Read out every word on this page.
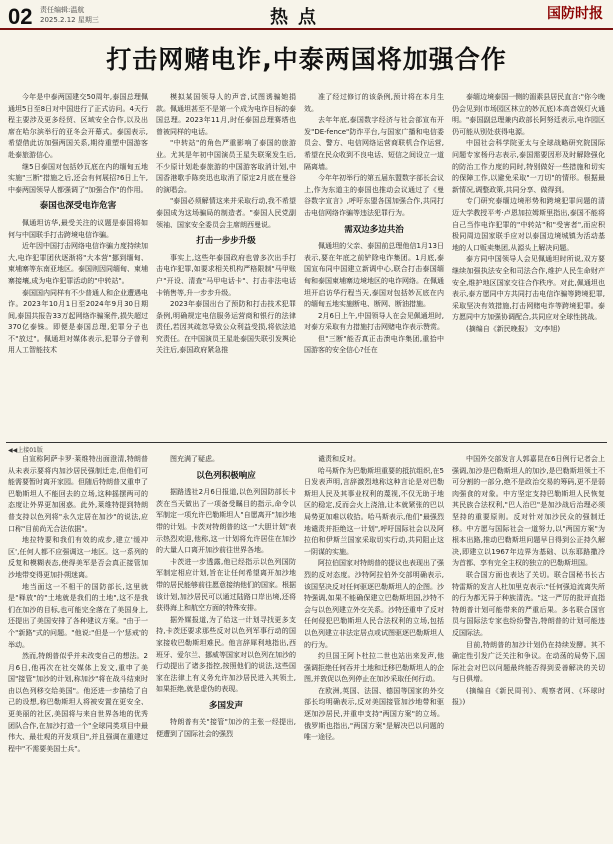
02 责任编辑:温航
2025.2.12 星期三	热点	国防时报
打击网赌电诈,中泰两国将加强合作

今年是中泰两国建交50周年,泰国总理佩通坦5日至8日对中国进行了正式访问。4天行程主要涉及更多经贸、区域安全合作,以及出席在哈尔滨举行的亚冬会开幕式。泰国表示,希望借此访加强两国关系,期待重塑中国游客赴泰旅游信心。

继5日泰国对包括妙瓦底在内的缅甸五地实施"三断"措施之后,还会有何展招?6日上午,中泰两国领导人都强调了"加强合作"的作用。

泰国也深受电诈危害

佩通坦访华,最受关注的议题是泰国将如何与中国联手打击跨境电信诈骗。

近年因中国打击网络电信诈骗力度持续加大,电诈犯罪团伙逐渐将"大本营"挪到缅甸、柬埔寨等东南亚地区。泰国则因同缅甸、柬埔寨接壤,成为电诈犯罪活动的"中转站"。

泰国国内同样有不少普通人和企业遭遇电诈。2023年10月1日至2024年9月30日期间,泰国共报告33万起网络诈骗案件,损失超过370亿泰铢。即便是泰国总理,犯罪分子也不"放过"。佩通坦对媒体表示,犯罪分子曾利用人工智能技术

模拟某国领导人的声音,试图诱骗她捐款。佩通坦甚至不是第一个成为电诈目标的泰国总理。2023年11月,时任泰国总理赛塔也曾被同样的电话。

"中转站"的角色严重影响了泰国的旅游业。尤其是年初中国演员王星失联案发生后,不少原计划赴泰旅游的中国游客取消计划,中国香港歌手陈奕迅也取消了原定2月底在曼谷的演唱会。

"泰国必须解情这来并采取行动,我不希望泰国成为这场骗局的制造者。"泰国人民党副领袖、国家安全委员会主席朗西曼说。

打击一步步升级

事实上,这些年泰国政府也曾多次出手打击电诈犯罪,如要求相关机构严格限制"马甲账户"开设、清查"马甲电话卡"、打击非法电话卡销售等,升一步步升级。

2023年泰国出台了预防和打击技术犯罪条例,明确规定电信服务运营商和银行的法律责任,若因其疏忽导致公众利益受损,将依法追究责任。在中国演员王星赴泰国失联引发舆论关注后,泰国政府紧急推

准了经过修订的该条例,预计将在本月生效。

去年年底,泰国数字经济与社会部宣布开发"DE-fence"防诈平台,与国家广播和电信委员会、警方、电信网络运营商联机合作运营,希望在民众收到不良电话、短信之间设立一道隔离墙。

今年年初举行的第五届东盟数字部长会议上,作为东道主的泰国也推动会议通过了《曼谷数字宣言》,呼吁东盟各国加强合作,共同打击电信网络诈骗等违法犯罪行为。

需双边多边共治

佩通坦的父亲、泰国前总理他信1月13日表示,要在年底之前铲除电诈集团。1月底,泰国宣布同中国建立新调中心,联合打击泰国缅甸和泰国柬埔寨边境地区的电诈网络。在佩通坦开启访华行程当天,泰国对包括妙瓦底在内的缅甸五地实施断电、断网、断油措施。

2月6日上午,中国领导人在会见佩通坦时,对泰方采取有力措施打击网赌电诈表示赞赏。

但"三断"能否真正击溃电诈集团,重拾中国游客的安全信心?任在

泰缅边境泰国一侧的湄素县居民直言:"你今晚仍会见到(市场园区林立的妙瓦底)本高音娱灯火通明。"泰国副总理兼内政部长阿努廷表示,电诈园区仍可能从别处获得电源。

中国社会科学院亚太与全球战略研究院国际问题专家杨丹志表示,泰国需要因形及时解除强化的防治工作力度的同时,特别做好一些措施和切实的保障工作,以避免采取"一刀切"的情形。根据最新情况,调整政策,共同分享、做得到。

专门研究泰缅边境形势和跨境犯罪问题的清迈大学教授平考·卢恩加拉姆斯里指出,泰国不能将自己当作电诈犯罪的"中转站"和"受害者",而应积极同周边国家联手应对以泰国边境城镇为活动基地的人口贩卖集团,从源头上解决问题。

泰方同中国领导人会见佩通坦时所说,双方要继续加强执法安全和司法合作,维护人民生命财产安全,维护地区国家交往合作秩序。对此,佩通坦也表示,泰方愿同中方共同打击电信诈骗等跨境犯罪,采取坚决有效措施,打击网赌电诈等跨境犯罪。泰方愿同中方加强协调配合,共同应对全球性挑战。

(摘编自《新民晚报》 文/李旭)

◀◀上接01版

自宣称阿萨卡罗·莱维特出面澄清,特朗普从未表示要将内加沙居民强制迁走,但他们可能需要暂时离开家园。但随后特朗普又重申了巴勒斯坦人不能回去的立场,这种摇摆两可的态度让外界更加困惑。此外,莱维特提到特朗普支持以色列将"永久定居在加沙"的说法,应口称"目前尚无合法依据"。

地拉特要和我们有效的成步,建立'缓冲区',任何人都不应强调这一地区。这一系列的反复和模糊表态,使得美军是否会真正接管加沙地带变得更加扑朔迷离。

地当面这一不相干的国防部长,这里就是"释放"的"土地就是我们的土地",这不是我们在加沙的目标,也可能完全落在了美国身上,还提出了美国安排了各种建议方案。"由于一个"新路"式的问题。"他说:"但是一个'惩戒'的举动。

然而,特朗普似乎并未改变自己的想法。2月6日,他再次在社交媒体上发文,重申了美国"接管"加沙的计划,称加沙"将在战斗结束时由以色列移交给美国"。他还进一步描绘了自己的设想,称巴勒斯坦人将被安置在更安全、更美丽的社区,美国将与来自世界各地的优秀团队合作,在加沙打造一个"全球同类项目中最伟大、最壮观的开发项目",并且强调在重建过程中"不需要美国士兵"。

图充满了疑虑。

以色列积极响应

据路透社2月6日报道,以色列国防部长卡茨在当天做出了一项备受瞩目的指示,命令以军制定一项允许巴勒斯坦人"自愿离开"加沙地带的计划。卡茨对特朗普的这一"大胆计划"表示热烈欢迎,他称,这一计划将允许居住在加沙的大量人口离开加沙前往世界各地。

卡茨进一步透露,他已经指示以色列国防军制定相应计划,旨在让任何希望离开加沙地带的居民能够前往愿意接纳他们的国家。根据该计划,加沙居民可以通过陆路口岸出境,还将获得海上和航空方面的特殊安排。

据外媒报道,为了给这一计划寻找更多支持,卡茨还要求那些反对以色列军事行动的国家接收巴勒斯坦难民。他言辞犀利地指出,西班牙、爱尔兰、挪威等国家对以色列在加沙的行动提出了诸多指控,按照他们的说法,这些国家在法律上有义务允许加沙居民进入其领土,如果拒绝,就是虚伪的表现。

多国发声

特朗普有关"接管"加沙的主张一经提出,便遭到了国际社会的强烈

谴责和反对。

哈马斯作为巴勒斯坦重要的抵抗组织,在5日发表声明,言辞激烈地称这种言论是对巴勒斯坦人民及其事业权利的蔑视,不仅无助于地区的稳定,反而会火上浇油,让本就紧张的巴以局势更加难以收拾。哈马斯表示,他们"最强烈地谴责并拒绝这一计划",呼吁国际社会以及阿拉伯和伊斯兰国家采取切实行动,共同阻止这一阴谋的实施。

阿拉伯国家对特朗普的提议也表现出了强烈的反对态度。沙特阿拉伯外交部明确表示,该国坚决反对任何驱逐巴勒斯坦人的企图。沙特强调,如果不能确保建立巴勒斯坦国,沙特不会与以色列建立外交关系。沙特还重申了反对任何侵犯巴勒斯坦人民合法权利的立场,包括以色列建立非法定居点或试图驱逐巴勒斯坦人的行为。

约旦国王阿卜杜拉二世也站出来发声,他强调拒绝任何吞并土地和迁移巴勒斯坦人的企图,并敦促以色列停止在加沙采取任何行动。

在欧洲,英国、法国、德国等国家的外交部长均明确表示,反对美国接管加沙地带和驱逐加沙居民,并重申支持"两国方案"的立场。俄罗斯也指出,"两国方案"是解决巴以问题的唯一途径。

中国外交部发言人郭嘉昆在6日例行记者会上强调,加沙是巴勒斯坦人的加沙,是巴勒斯坦领土不可分割的一部分,绝不是政治交易的筹码,更不是弱肉强食的对象。中方坚定支持巴勒斯坦人民恢复其民族合法权利,"巴人治巴"是加沙战后治理必须坚持的重要原则。反对针对加沙民众的强制迁移。中方愿与国际社会一道努力,以"两国方案"为根本出路,推动巴勒斯坦问题早日得到公正持久解决,即建立以1967年边界为基础、以东耶路撒冷为首都、享有完全主权的独立的巴勒斯坦国。

联合国方面也表达了关切。联合国秘书长古特雷斯的发言人杜加里克表示:"任何强迫流离失所的行为都无异于种族清洗。"这一严厉的批评直指特朗普计划可能带来的严重后果。多名联合国官员与国际法专家也纷纷警告,特朗普的计划可能违反国际法。

目前,特朗普的加沙计划仍在持续发酵。其不确定性引发广泛关注和争议。在动荡的局势下,国际社会对巴以问题最终能否得到妥善解决的关切与日俱增。

(摘编自《新民周刊》、观察者网、《环球时报》)
